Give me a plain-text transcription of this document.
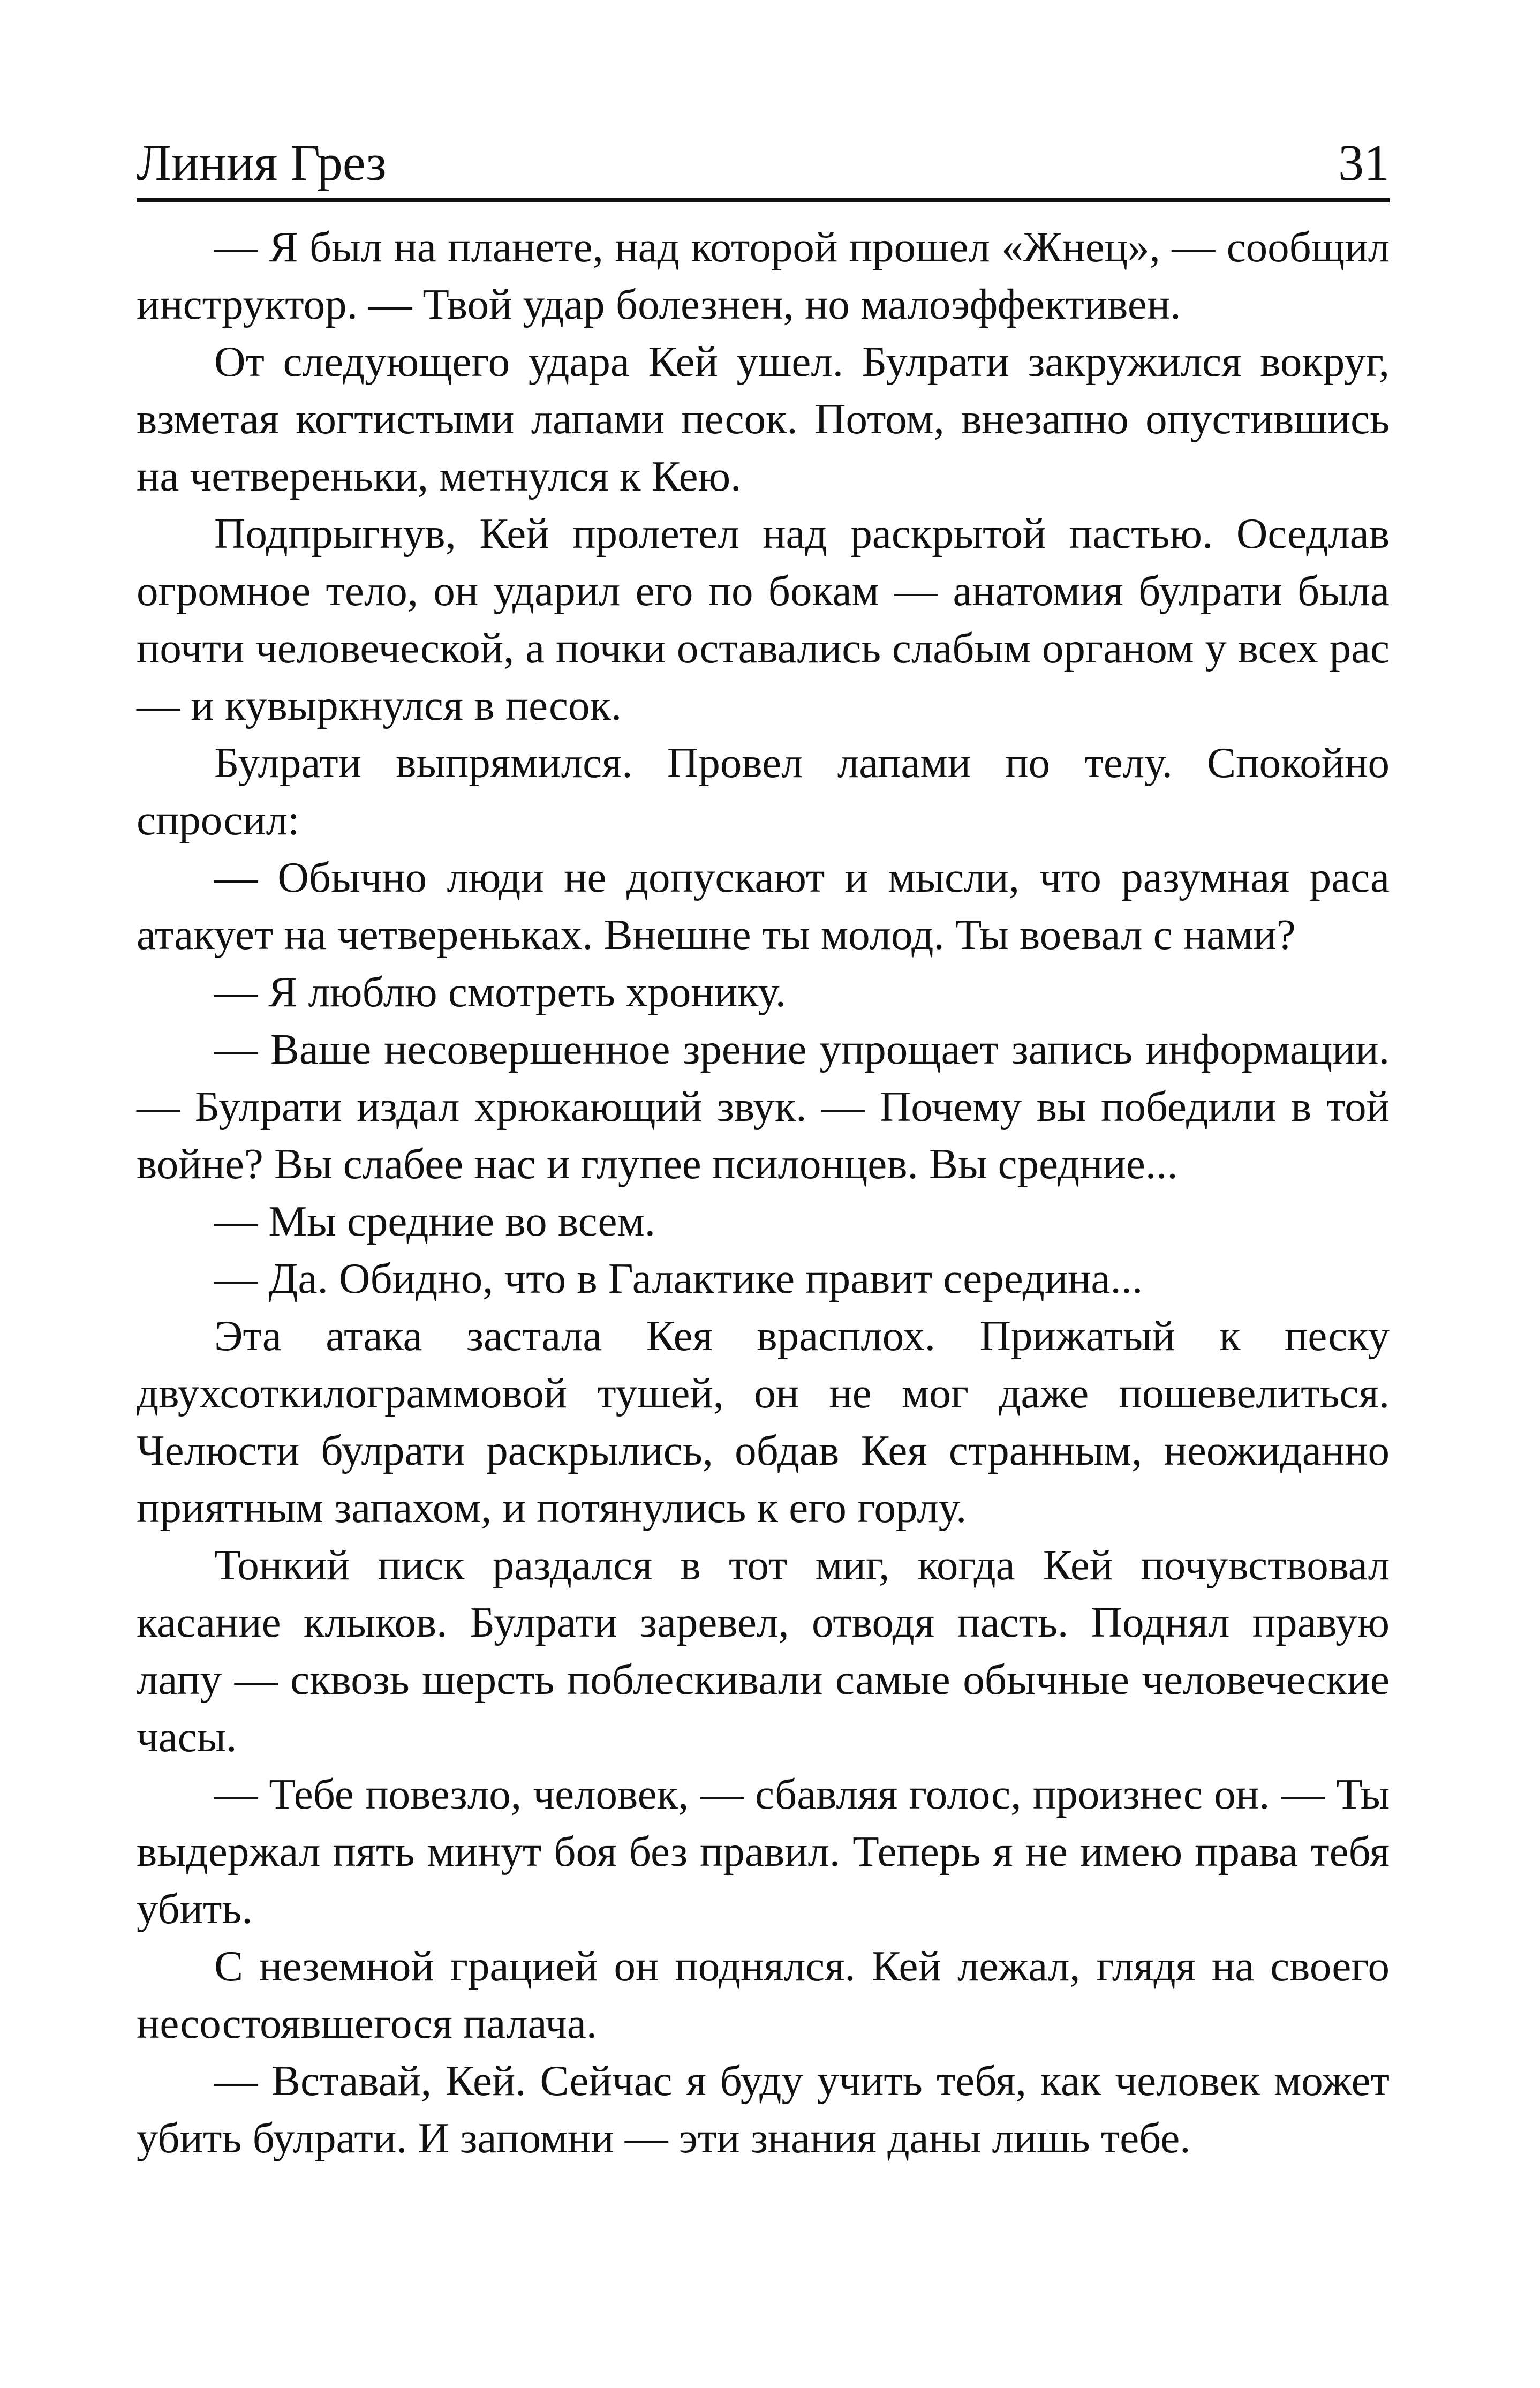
Линия Грез	31

— Я был на планете, над которой прошел «Жнец», — сообщил инструктор. — Твой удар болезнен, но малоэффективен.

От следующего удара Кей ушел. Булрати закружился вокруг, взметая когтистыми лапами песок. Потом, внезапно опустившись на четвереньки, метнулся к Кею.

Подпрыгнув, Кей пролетел над раскрытой пастью. Оседлав огромное тело, он ударил его по бокам — анатомия булрати была почти человеческой, а почки оставались слабым органом у всех рас — и кувыркнулся в песок.

Булрати выпрямился. Провел лапами по телу. Спокойно спросил:

— Обычно люди не допускают и мысли, что разумная раса атакует на четвереньках. Внешне ты молод. Ты воевал с нами?

— Я люблю смотреть хронику.

— Ваше несовершенное зрение упрощает запись информации. — Булрати издал хрюкающий звук. — Почему вы победили в той войне? Вы слабее нас и глупее псилонцев. Вы средние...

— Мы средние во всем.

— Да. Обидно, что в Галактике правит середина...

Эта атака застала Кея врасплох. Прижатый к песку двухсоткилограммовой тушей, он не мог даже пошевелиться. Челюсти булрати раскрылись, обдав Кея странным, неожиданно приятным запахом, и потянулись к его горлу.

Тонкий писк раздался в тот миг, когда Кей почувствовал касание клыков. Булрати заревел, отводя пасть. Поднял правую лапу — сквозь шерсть поблескивали самые обычные человеческие часы.

— Тебе повезло, человек, — сбавляя голос, произнес он. — Ты выдержал пять минут боя без правил. Теперь я не имею права тебя убить.

С неземной грацией он поднялся. Кей лежал, глядя на своего несостоявшегося палача.

— Вставай, Кей. Сейчас я буду учить тебя, как человек может убить булрати. И запомни — эти знания даны лишь тебе.
